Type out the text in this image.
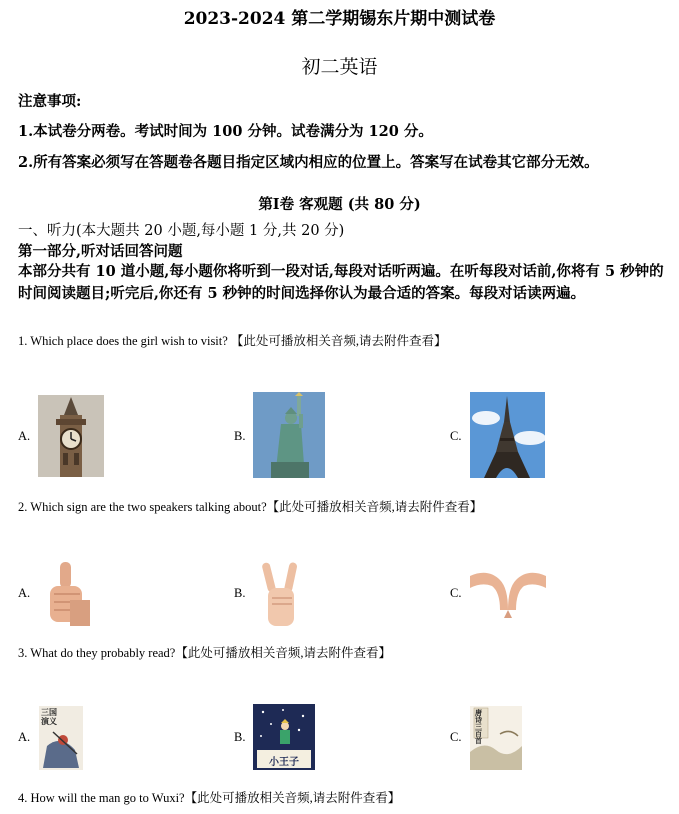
2023-2024 第二学期锡东片期中测试卷
初二英语
注意事项:
1.本试卷分两卷。考试时间为 100 分钟。试卷满分为 120 分。
2.所有答案必须写在答题卷各题目指定区域内相应的位置上。答案写在试卷其它部分无效。
第Ⅰ卷 客观题 (共 80 分)
一、听力(本大题共 20 小题,每小题 1 分,共 20 分)
第一部分,听对话回答问题
本部分共有 10 道小题,每小题你将听到一段对话,每段对话听两遍。在听每段对话前,你将有 5 秒钟的时间阅读题目;听完后,你还有 5 秒钟的时间选择你认为最合适的答案。每段对话读两遍。
1. Which place does the girl wish to visit? 【此处可播放相关音频,请去附件查看】
A.	B.	C.
2. Which sign are the two speakers talking about?【此处可播放相关音频,请去附件查看】
A.	B.	C.
3. What do they probably read?【此处可播放相关音频,请去附件查看】
A.
三国演义
B.
小王子
C.
唐诗三百首
4. How will the man go to Wuxi?【此处可播放相关音频,请去附件查看】
